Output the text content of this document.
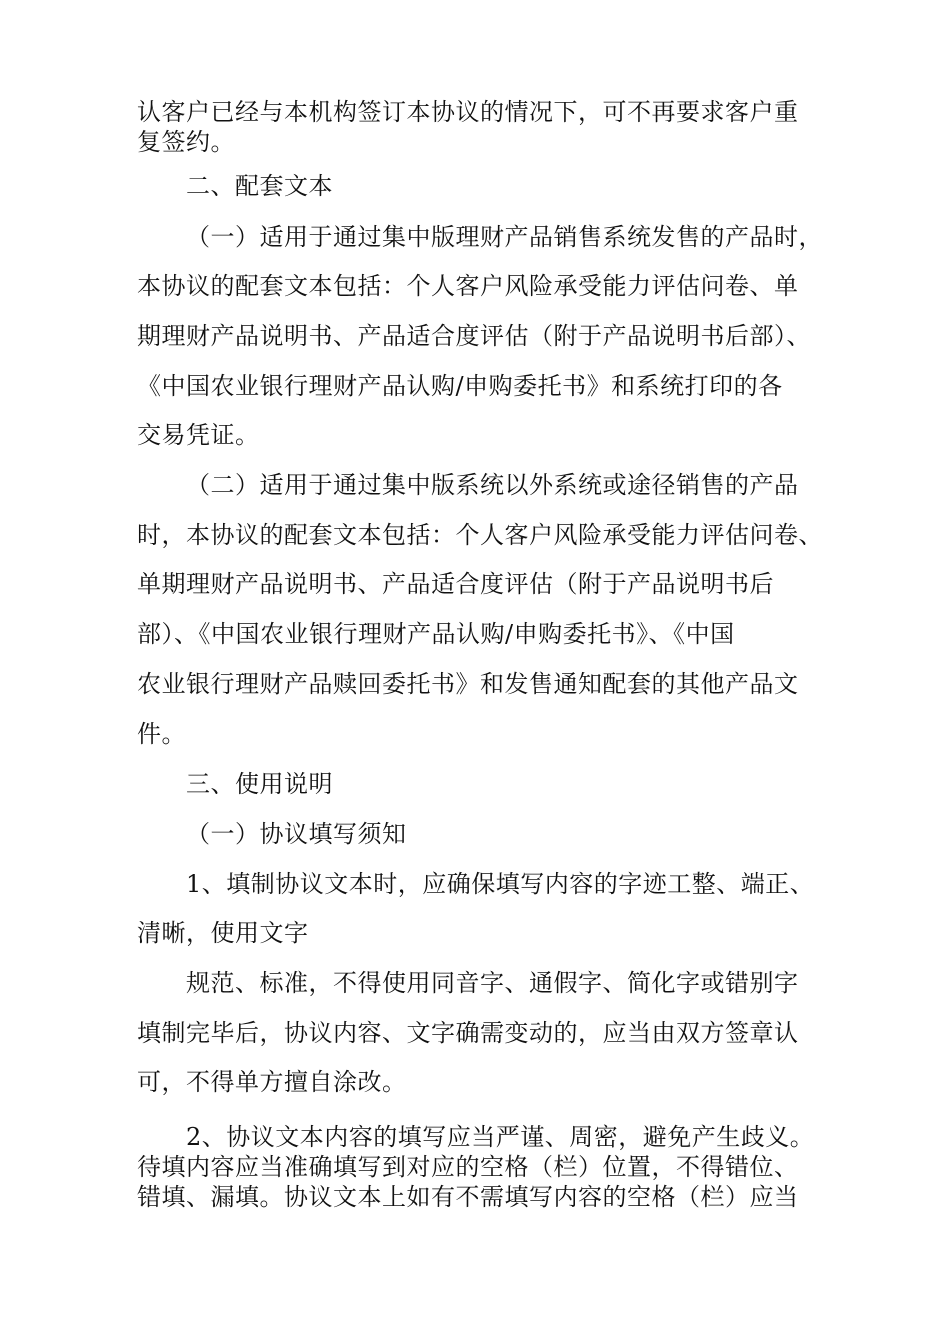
认客户已经与本机构签订本协议的情况下，可不再要求客户重
复签约。
二、配套文本
（一）适用于通过集中版理财产品销售系统发售的产品时，
本协议的配套文本包括：个人客户风险承受能力评估问卷、单
期理财产品说明书、产品适合度评估（附于产品说明书后部）、
《中国农业银行理财产品认购/申购委托书》和系统打印的各
交易凭证。
（二）适用于通过集中版系统以外系统或途径销售的产品
时，本协议的配套文本包括：个人客户风险承受能力评估问卷、
单期理财产品说明书、产品适合度评估（附于产品说明书后
部）、《中国农业银行理财产品认购/申购委托书》、《中国
农业银行理财产品赎回委托书》和发售通知配套的其他产品文
件。
三、使用说明
（一）协议填写须知
1、填制协议文本时，应确保填写内容的字迹工整、端正、
清晰，使用文字
规范、标准，不得使用同音字、通假字、简化字或错别字
填制完毕后，协议内容、文字确需变动的，应当由双方签章认
可，不得单方擅自涂改。
2、协议文本内容的填写应当严谨、周密，避免产生歧义。
待填内容应当准确填写到对应的空格（栏）位置，不得错位、
错填、漏填。协议文本上如有不需填写内容的空格（栏）应当
